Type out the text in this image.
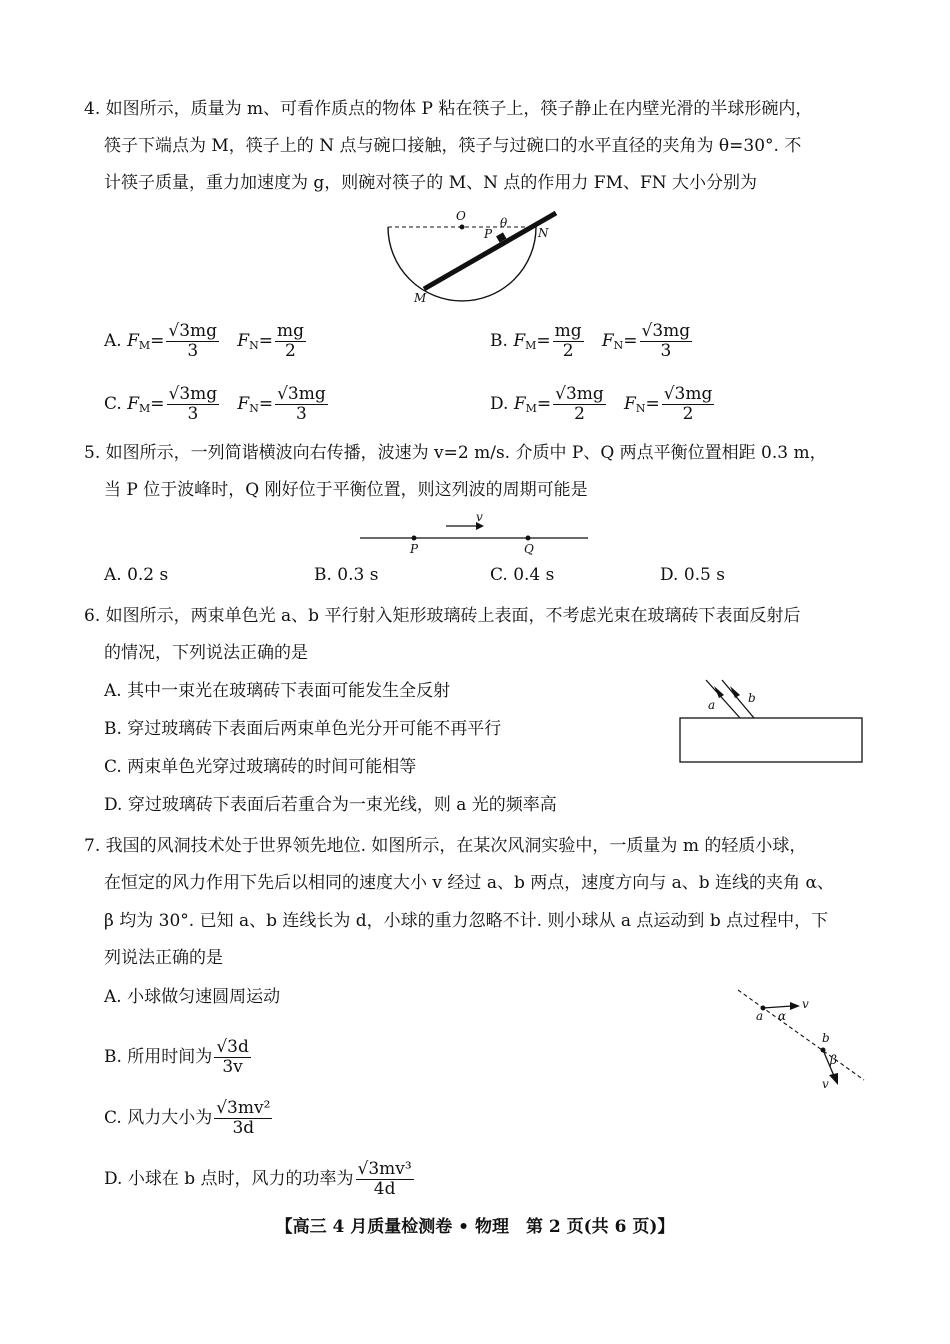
4. 如图所示，质量为 m、可看作质点的物体 P 粘在筷子上，筷子静止在内壁光滑的半球形碗内，
筷子下端点为 M，筷子上的 N 点与碗口接触，筷子与过碗口的水平直径的夹角为 θ=30°. 不
计筷子质量，重力加速度为 g，则碗对筷子的 M、N 点的作用力 FM、FN 大小分别为
O
P
θ
N
M
A. $F_M= \frac{√3mg}{3} F_N= \frac{mg}{2}$	B. $F_M= \frac{mg}{2} F_N= \frac{√3mg}{3}$
C. $F_M= \frac{√3mg}{3} F_N= \frac{√3mg}{3}$	D. $F_M= \frac{√3mg}{2} F_N= \frac{√3mg}{2}$
5. 如图所示，一列简谐横波向右传播，波速为 v=2 m/s. 介质中 P、Q 两点平衡位置相距 0.3 m，
当 P 位于波峰时，Q 刚好位于平衡位置，则这列波的周期可能是
v
P	Q
A. 0.2 s	B. 0.3 s	C. 0.4 s	D. 0.5 s
6. 如图所示，两束单色光 a、b 平行射入矩形玻璃砖上表面，不考虑光束在玻璃砖下表面反射后
的情况，下列说法正确的是
A. 其中一束光在玻璃砖下表面可能发生全反射
B. 穿过玻璃砖下表面后两束单色光分开可能不再平行
C. 两束单色光穿过玻璃砖的时间可能相等
D. 穿过玻璃砖下表面后若重合为一束光线，则 a 光的频率高
a	b
7. 我国的风洞技术处于世界领先地位. 如图所示，在某次风洞实验中，一质量为 m 的轻质小球，
在恒定的风力作用下先后以相同的速度大小 v 经过 a、b 两点，速度方向与 a、b 连线的夹角 α、
β 均为 30°. 已知 a、b 连线长为 d，小球的重力忽略不计. 则小球从 a 点运动到 b 点过程中，下
列说法正确的是
A. 小球做匀速圆周运动
B. 所用时间为 $\frac{√3d}{3v}$
C. 风力大小为 $\frac{\text{√3mv²}}{3d}$
D. 小球在 b 点时，风力的功率为 $\frac{\text{√3mv³}}{4d}$
a α
v
b
β
v
【高三 4 月质量检测卷 • 物理　第 2 页(共 6 页)】
